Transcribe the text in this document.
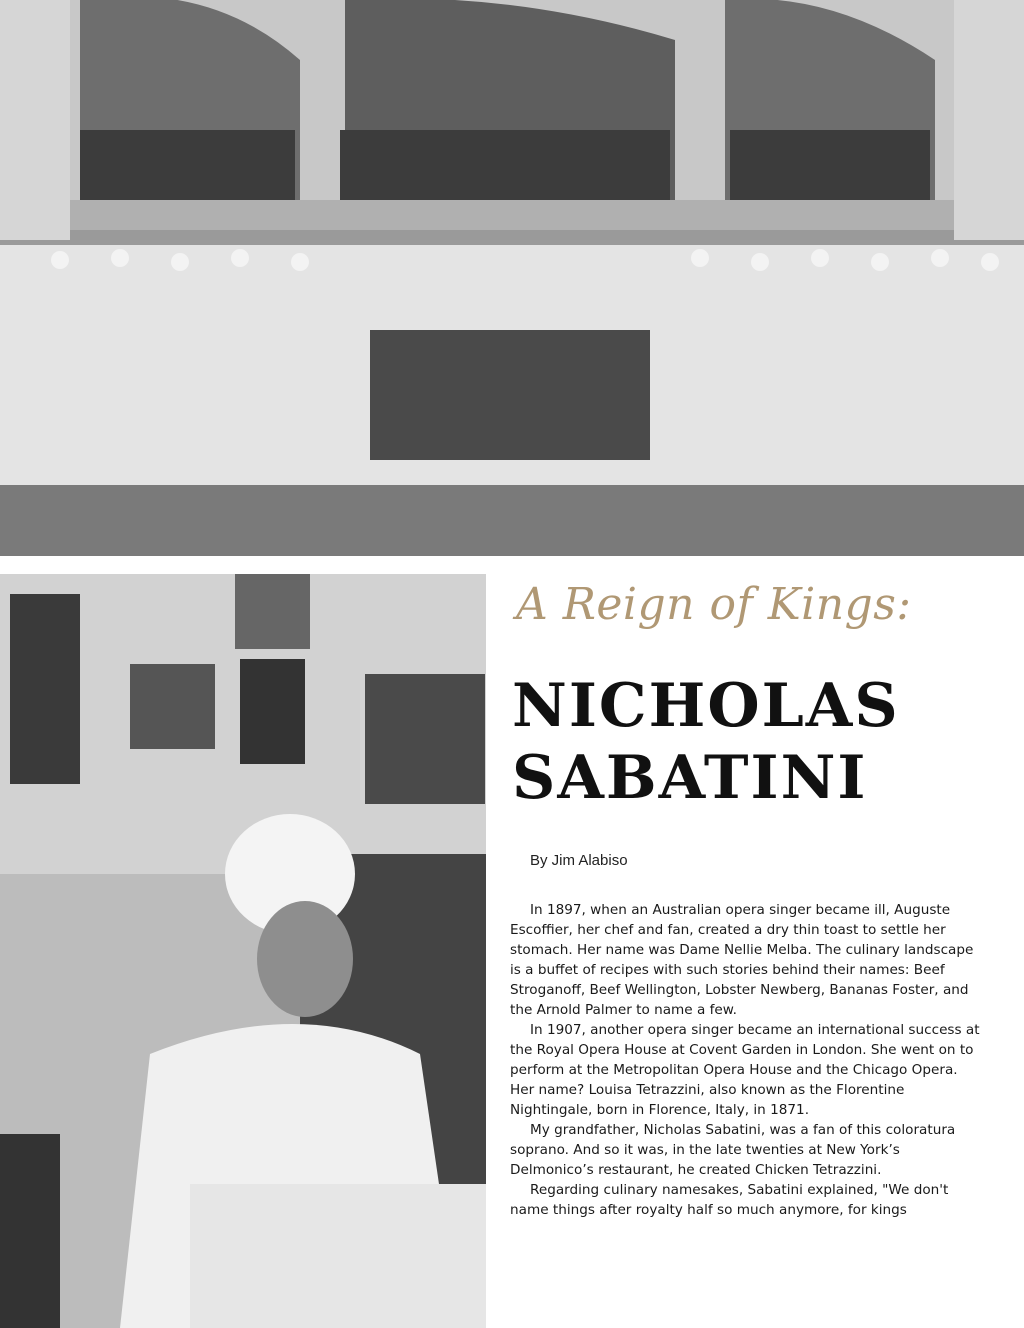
A Reign of Kings:
NICHOLAS
SABATINI
By Jim Alabiso

In 1897, when an Australian opera singer became ill, Auguste Escoffier, her chef and fan, created a dry thin toast to settle her stomach. Her name was Dame Nellie Melba. The culinary landscape is a buffet of recipes with such stories behind their names: Beef Stroganoff, Beef Wellington, Lobster Newberg, Bananas Foster, and the Arnold Palmer to name a few.

In 1907, another opera singer became an international success at the Royal Opera House at Covent Garden in London. She went on to perform at the Metropolitan Opera House and the Chicago Opera. Her name? Louisa Tetrazzini, also known as the Florentine Nightingale, born in Florence, Italy, in 1871.

My grandfather, Nicholas Sabatini, was a fan of this coloratura soprano. And so it was, in the late twenties at New York’s Delmonico’s restaurant, he created Chicken Tetrazzini.

Regarding culinary namesakes, Sabatini explained, "We don't name things after royalty half so much anymore, for kings
